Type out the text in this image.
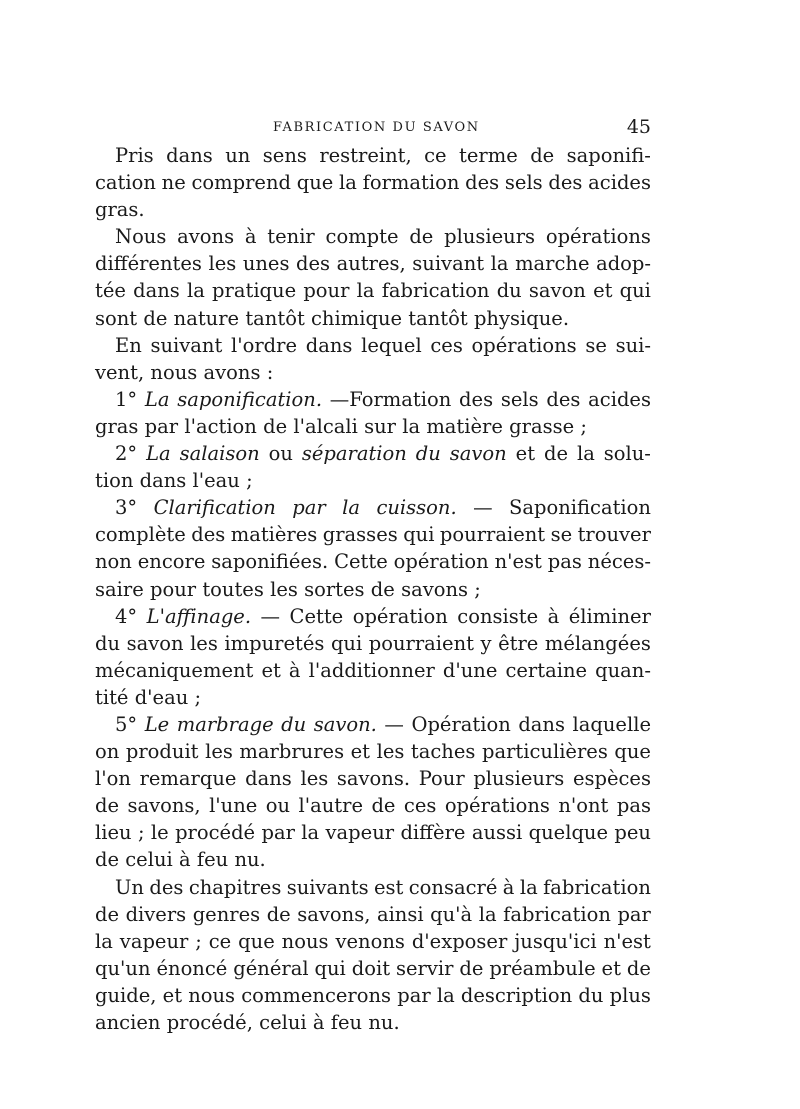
FABRICATION DU SAVON	45
Pris dans un sens restreint, ce terme de saponifi-
cation ne comprend que la formation des sels des acides
gras.
Nous avons à tenir compte de plusieurs opérations
différentes les unes des autres, suivant la marche adop-
tée dans la pratique pour la fabrication du savon et qui
sont de nature tantôt chimique tantôt physique.
En suivant l'ordre dans lequel ces opérations se sui-
vent, nous avons :
1° La saponification. —Formation des sels des acides
gras par l'action de l'alcali sur la matière grasse ;
2° La salaison ou séparation du savon et de la solu-
tion dans l'eau ;
3° Clarification par la cuisson. — Saponification
complète des matières grasses qui pourraient se trouver
non encore saponifiées. Cette opération n'est pas néces-
saire pour toutes les sortes de savons ;
4° L'affinage. — Cette opération consiste à éliminer
du savon les impuretés qui pourraient y être mélangées
mécaniquement et à l'additionner d'une certaine quan-
tité d'eau ;
5° Le marbrage du savon. — Opération dans laquelle
on produit les marbrures et les taches particulières que
l'on remarque dans les savons. Pour plusieurs espèces
de savons, l'une ou l'autre de ces opérations n'ont pas
lieu ; le procédé par la vapeur diffère aussi quelque peu
de celui à feu nu.
Un des chapitres suivants est consacré à la fabrication
de divers genres de savons, ainsi qu'à la fabrication par
la vapeur ; ce que nous venons d'exposer jusqu'ici n'est
qu'un énoncé général qui doit servir de préambule et de
guide, et nous commencerons par la description du plus
ancien procédé, celui à feu nu.
